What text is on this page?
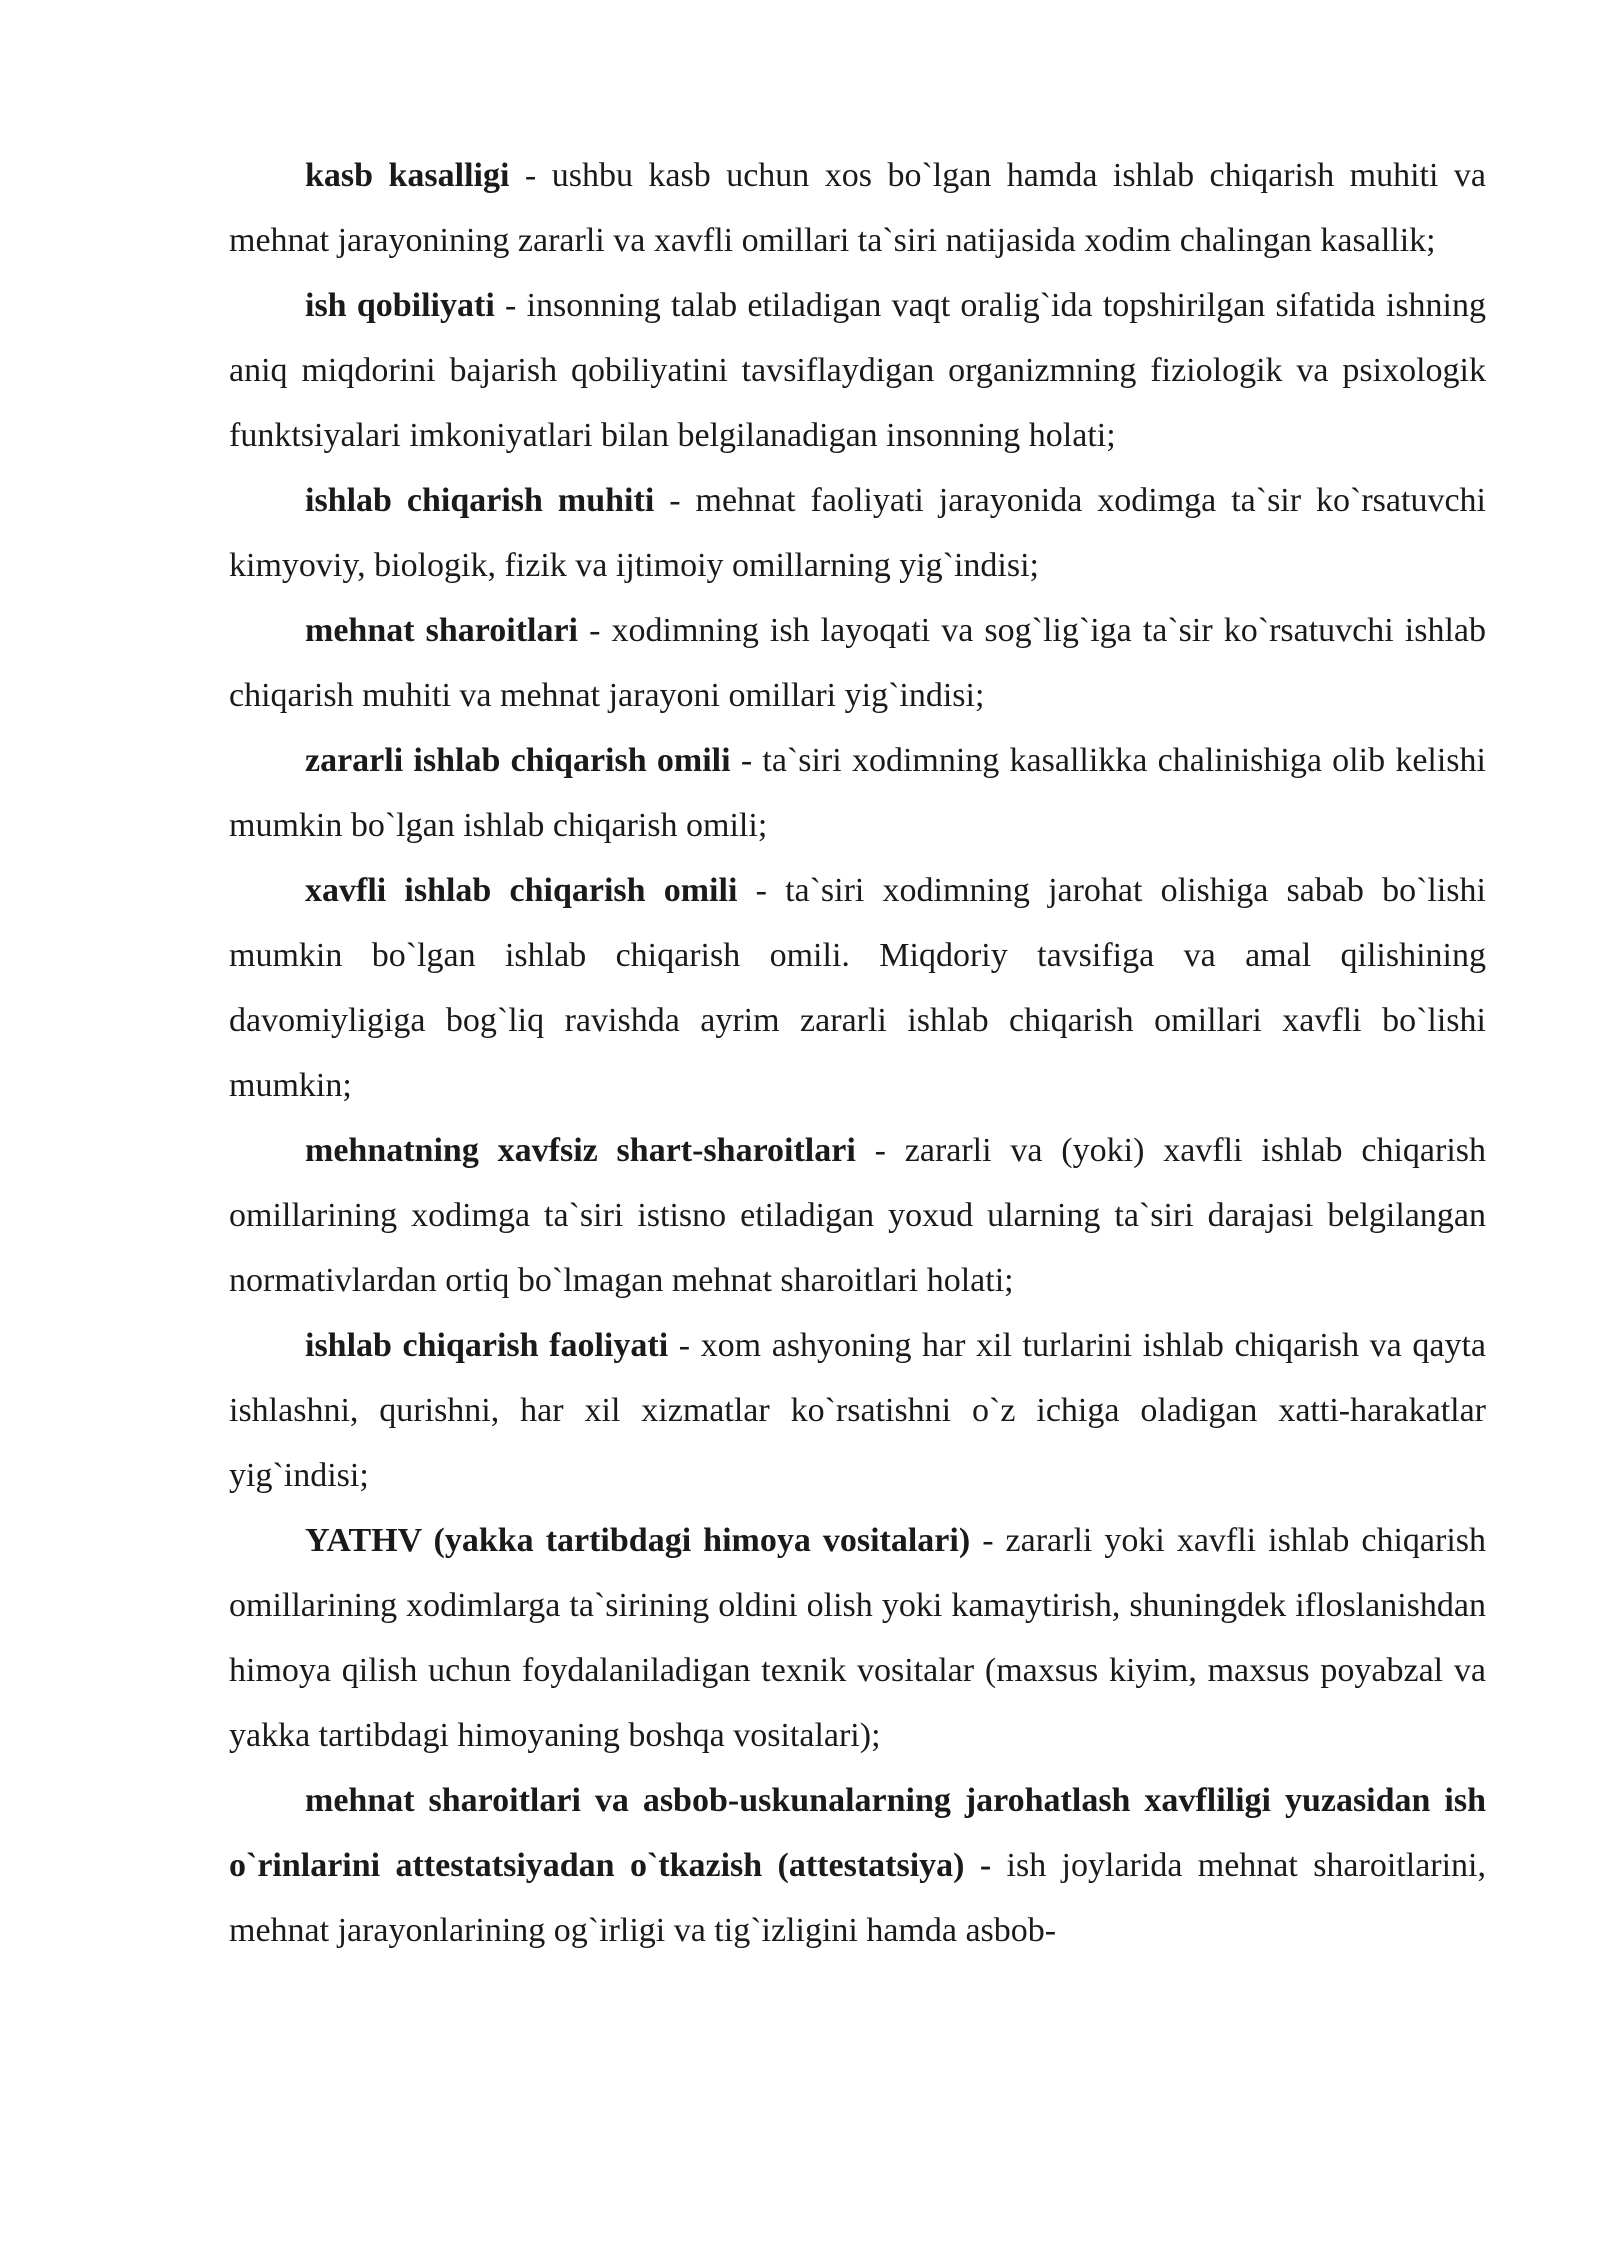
kasb kasalligi - ushbu kasb uchun xos bo`lgan hamda ishlab chiqarish muhiti va mehnat jarayonining zararli va xavfli omillari ta`siri natijasida xodim chalingan kasallik;

ish qobiliyati - insonning talab etiladigan vaqt oralig`ida topshirilgan sifatida ishning aniq miqdorini bajarish qobiliyatini tavsiflaydigan organizmning fiziologik va psixologik funktsiyalari imkoniyatlari bilan belgilanadigan insonning holati;

ishlab chiqarish muhiti - mehnat faoliyati jarayonida xodimga ta`sir ko`rsatuvchi kimyoviy, biologik, fizik va ijtimoiy omillarning yig`indisi;

mehnat sharoitlari - xodimning ish layoqati va sog`lig`iga ta`sir ko`rsatuvchi ishlab chiqarish muhiti va mehnat jarayoni omillari yig`indisi;

zararli ishlab chiqarish omili - ta`siri xodimning kasallikka chalinishiga olib kelishi mumkin bo`lgan ishlab chiqarish omili;

xavfli ishlab chiqarish omili - ta`siri xodimning jarohat olishiga sabab bo`lishi mumkin bo`lgan ishlab chiqarish omili. Miqdoriy tavsifiga va amal qilishining davomiyligiga bog`liq ravishda ayrim zararli ishlab chiqarish omillari xavfli bo`lishi mumkin;

mehnatning xavfsiz shart-sharoitlari - zararli va (yoki) xavfli ishlab chiqarish omillarining xodimga ta`siri istisno etiladigan yoxud ularning ta`siri darajasi belgilangan normativlardan ortiq bo`lmagan mehnat sharoitlari holati;

ishlab chiqarish faoliyati - xom ashyoning har xil turlarini ishlab chiqarish va qayta ishlashni, qurishni, har xil xizmatlar ko`rsatishni o`z ichiga oladigan xatti-harakatlar yig`indisi;

YATHV (yakka tartibdagi himoya vositalari) - zararli yoki xavfli ishlab chiqarish omillarining xodimlarga ta`sirining oldini olish yoki kamaytirish, shuningdek ifloslanishdan himoya qilish uchun foydalaniladigan texnik vositalar (maxsus kiyim, maxsus poyabzal va yakka tartibdagi himoyaning boshqa vositalari);

mehnat sharoitlari va asbob-uskunalarning jarohatlash xavfliligi yuzasidan ish o`rinlarini attestatsiyadan o`tkazish (attestatsiya) - ish joylarida mehnat sharoitlarini, mehnat jarayonlarining og`irligi va tig`izligini hamda asbob-
